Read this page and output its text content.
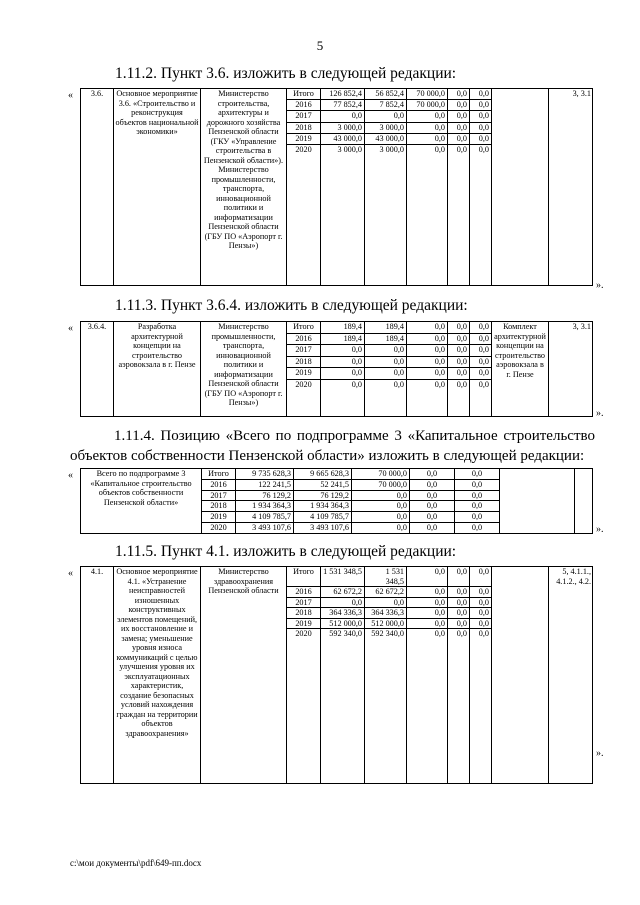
5
1.11.2. Пункт 3.6. изложить в следующей редакции:
«
».
3.6.	Основное мероприятие 3.6. «Строительство и реконструкция объектов национальной экономики»	Министерство строительства, архитектуры и дорожного хозяйства Пензенской области (ГКУ «Управление строительства в Пензенской области»). Министерство промышленности, транспорта, инновационной политики и информатизации Пензенской области (ГБУ ПО «Аэропорт г. Пензы»)	Итого	126 852,4	56 852,4	70 000,0	0,0	0,0		3, 3.1
			2016	77 852,4	7 852,4	70 000,0	0,0	0,0		
			2017	0,0	0,0	0,0	0,0	0,0		
			2018	3 000,0	3 000,0	0,0	0,0	0,0		
			2019	43 000,0	43 000,0	0,0	0,0	0,0		
			2020	3 000,0	3 000,0	0,0	0,0	0,0		
1.11.3. Пункт 3.6.4. изложить в следующей редакции:
«
».
3.6.4.	Разработка архитектурной концепции на строительство аэровокзала в г. Пензе	Министерство промышленности, транспорта, инновационной политики и информатизации Пензенской области (ГБУ ПО «Аэропорт г. Пензы»)	Итого	189,4	189,4	0,0	0,0	0,0	Комплект архитектурной концепции на строительство аэровокзала в г. Пензе	3, 3.1
			2016	189,4	189,4	0,0	0,0	0,0		
			2017	0,0	0,0	0,0	0,0	0,0		
			2018	0,0	0,0	0,0	0,0	0,0		
			2019	0,0	0,0	0,0	0,0	0,0		
			2020	0,0	0,0	0,0	0,0	0,0		
1.11.4. Позицию «Всего по подпрограмме 3 «Капитальное строительство объектов собственности Пензенской области» изложить в следующей редакции:
«
».
Всего по подпрограмме 3 «Капитальное строительство объектов собственности Пензенской области»	Итого	9 735 628,3	9 665 628,3	70 000,0	0,0	0,0		
	2016	122 241,5	52 241,5	70 000,0	0,0	0,0		
	2017	76 129,2	76 129,2	0,0	0,0	0,0		
	2018	1 934 364,3	1 934 364,3	0,0	0,0	0,0		
	2019	4 109 785,7	4 109 785,7	0,0	0,0	0,0		
	2020	3 493 107,6	3 493 107,6	0,0	0,0	0,0		
1.11.5. Пункт 4.1. изложить в следующей редакции:
«
».
4.1.	Основное мероприятие 4.1. «Устранение неисправностей изношенных конструктивных элементов помещений, их восстановление и замена; уменьшение уровня износа коммуникаций с целью улучшения уровня их эксплуатационных характеристик, создание безопасных условий нахождения граждан на территории объектов здравоохранения»	Министерство здравоохранения Пензенской области	Итого	1 531 348,5	1 531 348,5	0,0	0,0	0,0		5, 4.1.1., 4.1.2., 4.2.
			2016	62 672,2	62 672,2	0,0	0,0	0,0		
			2017	0,0	0,0	0,0	0,0	0,0		
			2018	364 336,3	364 336,3	0,0	0,0	0,0		
			2019	512 000,0	512 000,0	0,0	0,0	0,0		
			2020	592 340,0	592 340,0	0,0	0,0	0,0		
c:\мои документы\pdf\649-пп.docx
